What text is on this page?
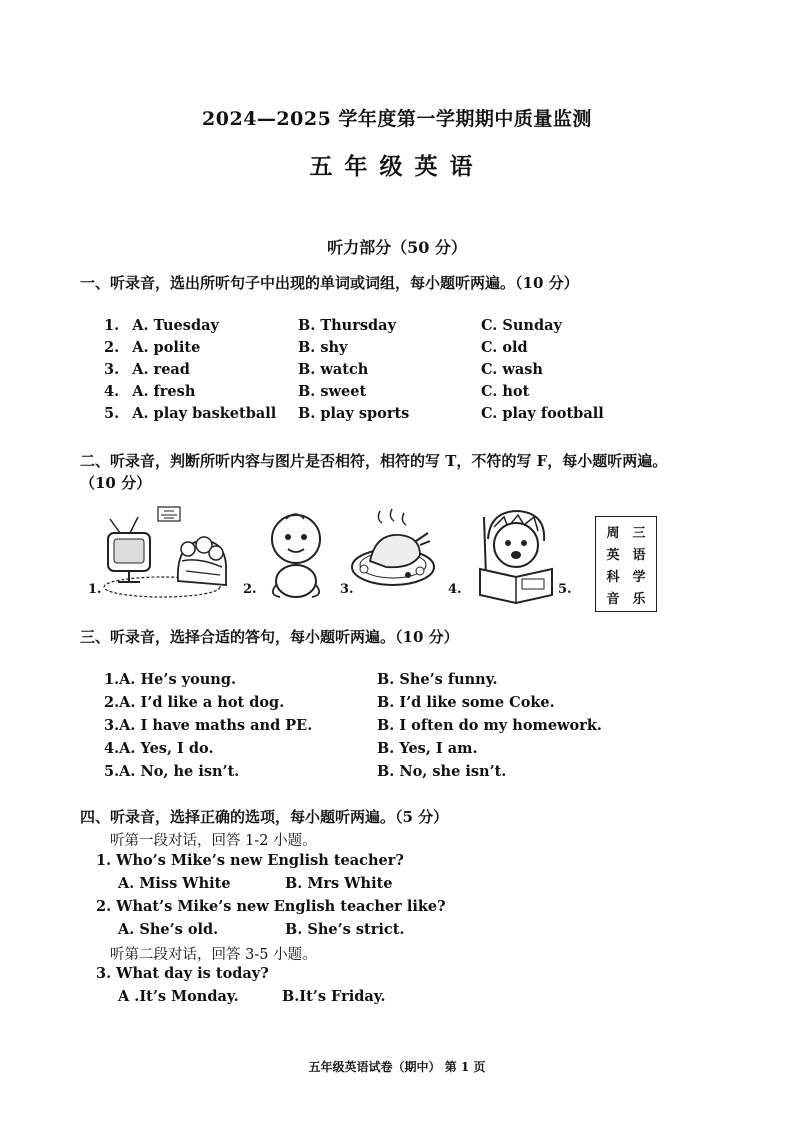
2024—2025 学年度第一学期期中质量监测
五年级英语
听力部分（50 分）
一、听录音，选出所听句子中出现的单词或词组，每小题听两遍。（10 分）
1. A. Tuesday	B. Thursday	C. Sunday
2. A. polite	B. shy	C. old
3. A. read	B. watch	C. wash
4. A. fresh	B. sweet	C. hot
5. A. play basketball B. play sports	C. play football
二、听录音，判断所听内容与图片是否相符，相符的写 T，不符的写 F，每小题听两遍。
（10 分）
1.	2.	3.	4.	5.
周 三
英 语
科 学
音 乐
三、听录音，选择合适的答句，每小题听两遍。（10 分）
1.A. He’s young.	B. She’s funny.
2.A. I’d like a hot dog.	B. I’d like some Coke.
3.A. I have maths and PE.	B. I often do my homework.
4.A. Yes, I do.	B. Yes, I am.
5.A. No, he isn’t.	B. No, she isn’t.
四、听录音，选择正确的选项，每小题听两遍。（5 分）
听第一段对话，回答 1-2 小题。
1. Who’s Mike’s new English teacher?
A. Miss White	B. Mrs White
2. What’s Mike’s new English teacher like?
A. She’s old.	B. She’s strict.
听第二段对话，回答 3-5 小题。
3. What day is today?
A .It’s Monday.	B.It’s Friday.
五年级英语试卷（期中） 第 1 页
